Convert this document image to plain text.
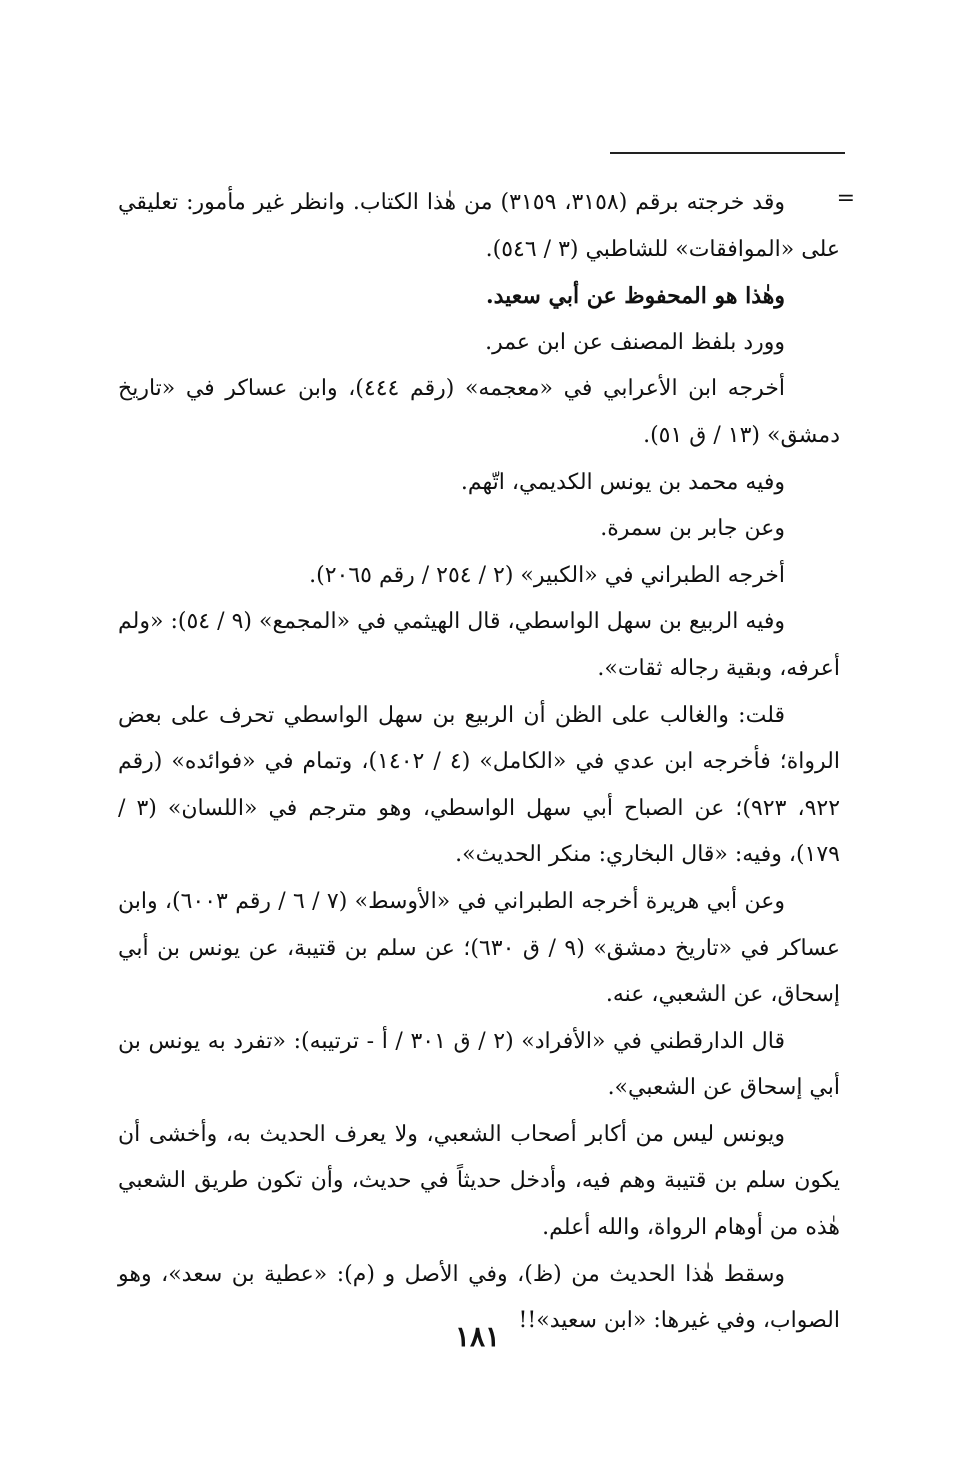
=

وقد خرجته برقم (٣١٥٨، ٣١٥٩) من هٰذا الكتاب. وانظر غير مأمور: تعليقي على «الموافقات» للشاطبي (٣ / ٥٤٦).

وهٰذا هو المحفوظ عن أبي سعيد.

وورد بلفظ المصنف عن ابن عمر.

أخرجه ابن الأعرابي في «معجمه» (رقم ٤٤٤)، وابن عساكر في «تاريخ دمشق» (١٣ / ق ٥١).

وفيه محمد بن يونس الكديمي، اتّهم.

وعن جابر بن سمرة.

أخرجه الطبراني في «الكبير» (٢ / ٢٥٤ / رقم ٢٠٦٥).

وفيه الربيع بن سهل الواسطي، قال الهيثمي في «المجمع» (٩ / ٥٤): «ولم أعرفه، وبقية رجاله ثقات».

قلت: والغالب على الظن أن الربيع بن سهل الواسطي تحرف على بعض الرواة؛ فأخرجه ابن عدي في «الكامل» (٤ / ١٤٠٢)، وتمام في «فوائده» (رقم ٩٢٢، ٩٢٣)؛ عن الصباح أبي سهل الواسطي، وهو مترجم في «اللسان» (٣ / ١٧٩)، وفيه: «قال البخاري: منكر الحديث».

وعن أبي هريرة أخرجه الطبراني في «الأوسط» (٧ / ٦ / رقم ٦٠٠٣)، وابن عساكر في «تاريخ دمشق» (٩ / ق ٦٣٠)؛ عن سلم بن قتيبة، عن يونس بن أبي إسحاق، عن الشعبي، عنه.

قال الدارقطني في «الأفراد» (٢ / ق ٣٠١ / أ - ترتيبه): «تفرد به يونس بن أبي إسحاق عن الشعبي».

ويونس ليس من أكابر أصحاب الشعبي، ولا يعرف الحديث به، وأخشى أن يكون سلم بن قتيبة وهم فيه، وأدخل حديثاً في حديث، وأن تكون طريق الشعبي هٰذه من أوهام الرواة، والله أعلم.

وسقط هٰذا الحديث من (ظ)، وفي الأصل و (م): «عطية بن سعد»، وهو الصواب، وفي غيرها: «ابن سعيد»!!

١٨١
